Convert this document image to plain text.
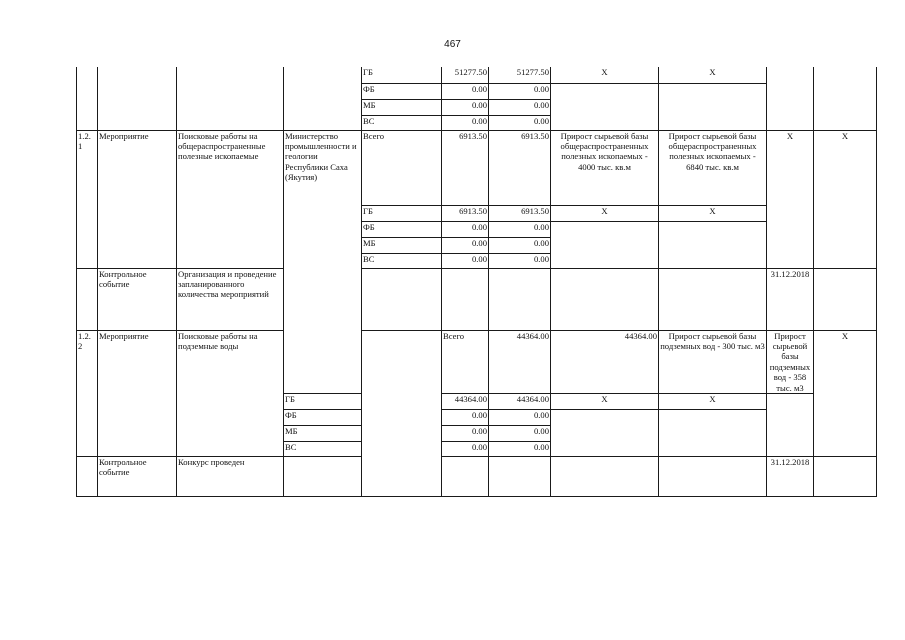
467
				ГБ	51277.50	51277.50	Х	Х			
				ФБ	0.00	0.00					
				МБ	0.00	0.00					
				ВС	0.00	0.00					
1.2. 1	Мероприятие	Поисковые работы на общераспространенные полезные ископаемые	Министерство промышленности и геологии Республики Саха (Якутия)	Всего	6913.50	6913.50	Прирост сырьевой базы общераспространенных полезных ископаемых - 4000 тыс. кв.м	Прирост сырьевой базы общераспространенных полезных ископаемых - 6840 тыс. кв.м	Х	Х	
				ГБ	6913.50	6913.50	Х	Х			
				ФБ	0.00	0.00					
				МБ	0.00	0.00					
				ВС	0.00	0.00					
	Контрольное событие	Организация и проведение запланированного количества мероприятий							31.12.2018		
1.2. 2	Мероприятие	Поисковые работы на подземные воды			Всего	44364.00	44364.00	Прирост сырьевой базы подземных вод - 300 тыс. м3	Прирост сырьевой базы подземных вод - 358 тыс. м3	Х	
			ГБ		44364.00	44364.00	Х	Х			
			ФБ		0.00	0.00					
			МБ		0.00	0.00					
			ВС		0.00	0.00					
	Контрольное событие	Конкурс проведен							31.12.2018		
